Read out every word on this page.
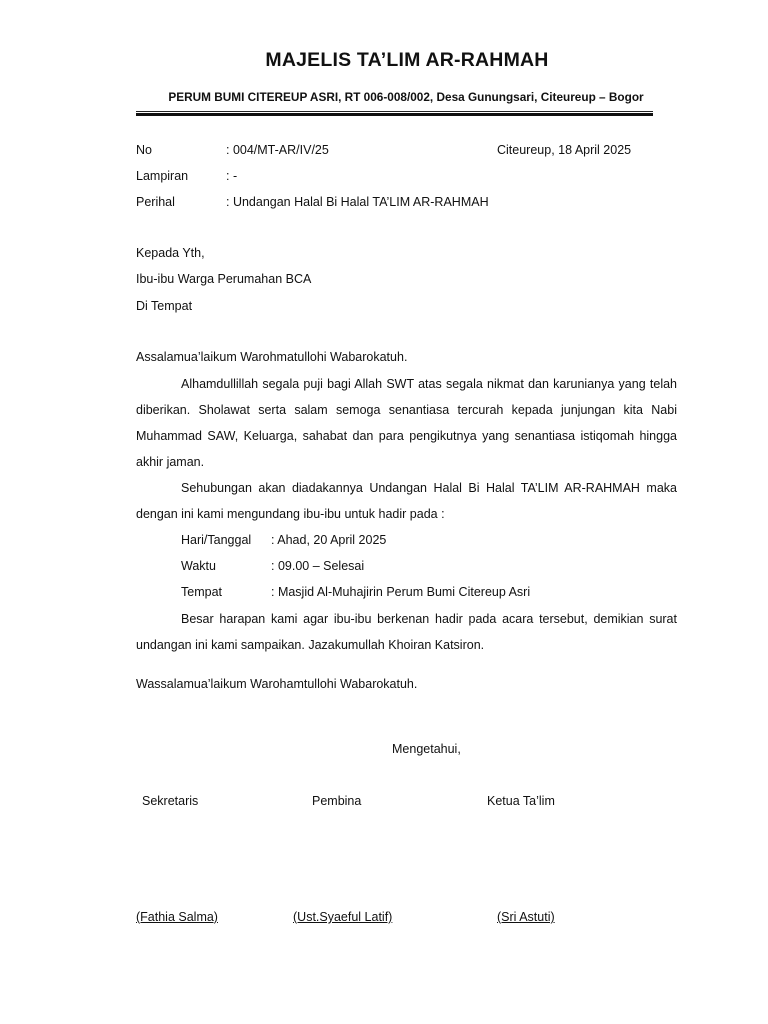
MAJELIS TA’LIM AR-RAHMAH
PERUM BUMI CITEREUP ASRI, RT 006-008/002, Desa Gunungsari, Citeureup – Bogor
No	: 004/MT-AR/IV/25	Citeureup, 18 April 2025
Lampiran	: -
Perihal	: Undangan Halal Bi Halal TA’LIM AR-RAHMAH
Kepada Yth,
Ibu-ibu Warga Perumahan BCA
Di Tempat
Assalamua’laikum Warohmatullohi Wabarokatuh.

Alhamdullillah segala puji bagi Allah SWT atas segala nikmat dan karunianya yang telah diberikan. Sholawat serta salam semoga senantiasa tercurah kepada junjungan kita Nabi Muhammad SAW, Keluarga, sahabat dan para pengikutnya yang senantiasa istiqomah hingga akhir jaman.

Sehubungan akan diadakannya Undangan Halal Bi Halal TA’LIM AR-RAHMAH maka dengan ini kami mengundang ibu-ibu untuk hadir pada :

Hari/Tanggal : Ahad, 20 April 2025
Waktu	: 09.00 – Selesai
Tempat	: Masjid Al-Muhajirin Perum Bumi Citereup Asri

Besar harapan kami agar ibu-ibu berkenan hadir pada acara tersebut, demikian surat undangan ini kami sampaikan. Jazakumullah Khoiran Katsiron.

Wassalamua’laikum Warohamtullohi Wabarokatuh.
Mengetahui,
Sekretaris	Pembina	Ketua Ta’lim
(Fathia Salma)	(Ust.Syaeful Latif)	(Sri Astuti)
